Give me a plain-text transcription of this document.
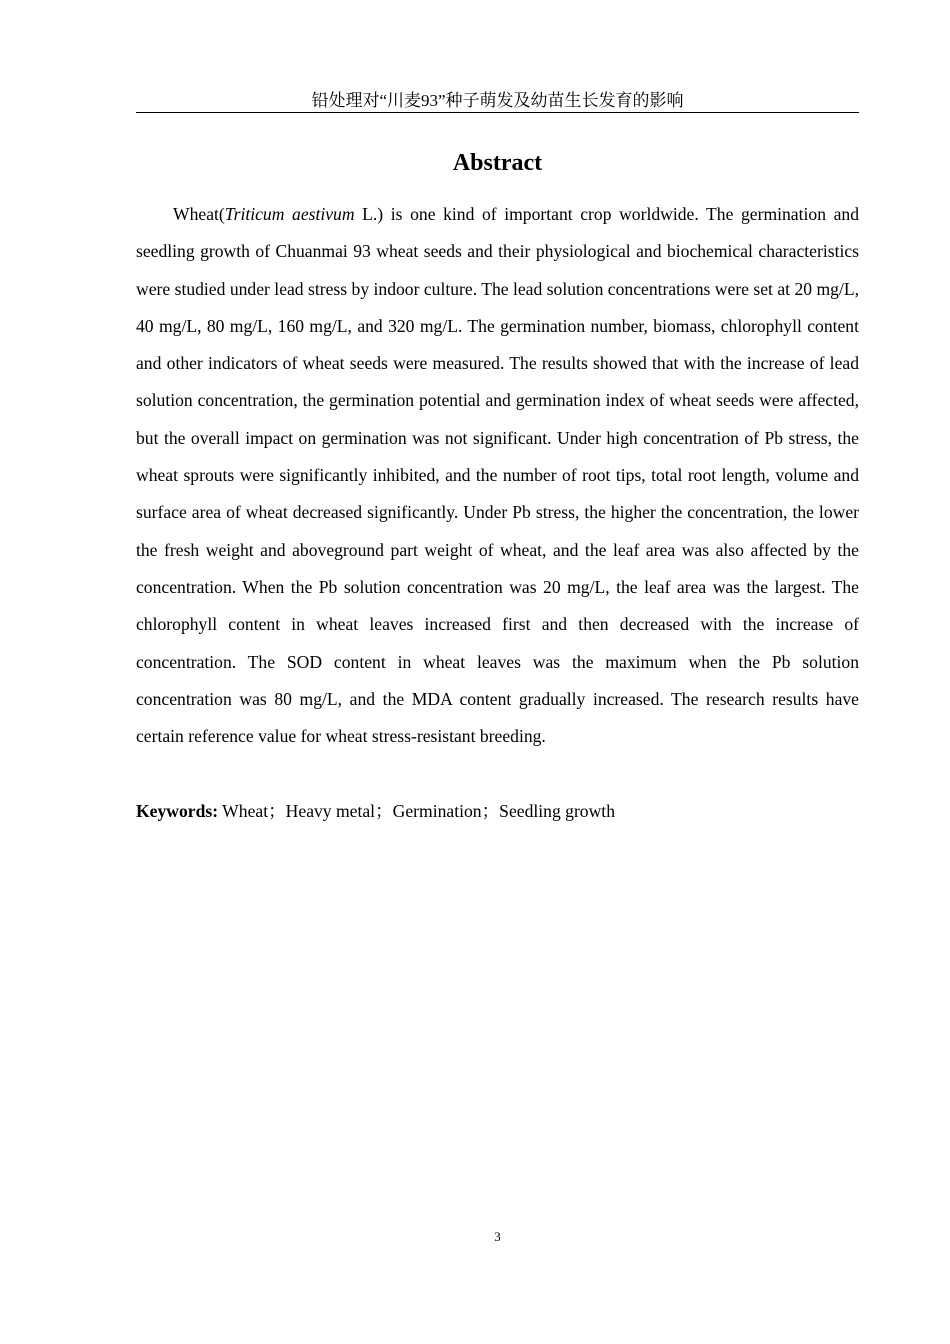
铅处理对“川麦93”种子萌发及幼苗生长发育的影响
Abstract

Wheat(Triticum aestivum L.) is one kind of important crop worldwide. The germination and seedling growth of Chuanmai 93 wheat seeds and their physiological and biochemical characteristics were studied under lead stress by indoor culture. The lead solution concentrations were set at 20 mg/L, 40 mg/L, 80 mg/L, 160 mg/L, and 320 mg/L. The germination number, biomass, chlorophyll content and other indicators of wheat seeds were measured. The results showed that with the increase of lead solution concentration, the germination potential and germination index of wheat seeds were affected, but the overall impact on germination was not significant. Under high concentration of Pb stress, the wheat sprouts were significantly inhibited, and the number of root tips, total root length, volume and surface area of wheat decreased significantly. Under Pb stress, the higher the concentration, the lower the fresh weight and aboveground part weight of wheat, and the leaf area was also affected by the concentration. When the Pb solution concentration was 20 mg/L, the leaf area was the largest. The chlorophyll content in wheat leaves increased first and then decreased with the increase of concentration. The SOD content in wheat leaves was the maximum when the Pb solution concentration was 80 mg/L, and the MDA content gradually increased. The research results have certain reference value for wheat stress-resistant breeding.

Keywords: Wheat；Heavy metal；Germination；Seedling growth

3
